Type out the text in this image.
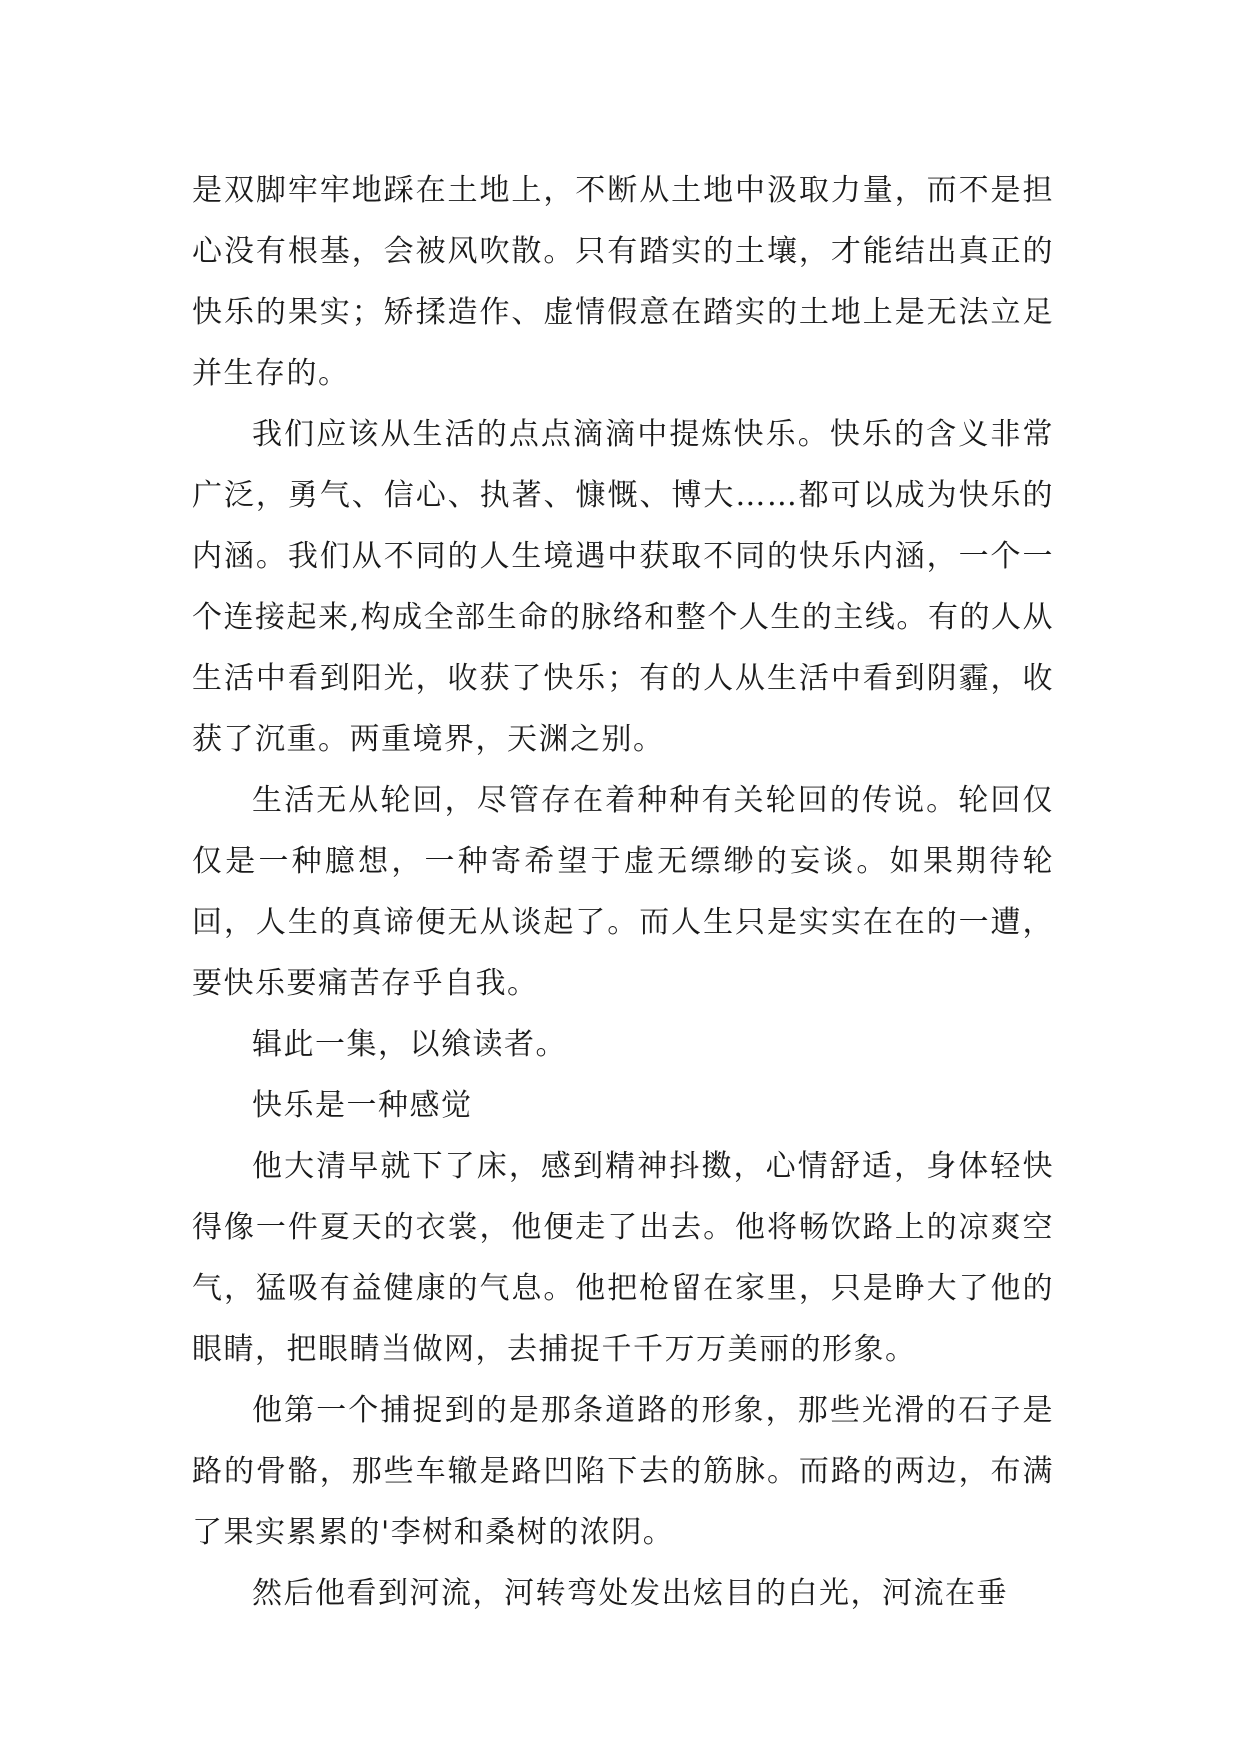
是双脚牢牢地踩在土地上，不断从土地中汲取力量，而不是担心没有根基，会被风吹散。只有踏实的土壤，才能结出真正的快乐的果实；矫揉造作、虚情假意在踏实的土地上是无法立足并生存的。

我们应该从生活的点点滴滴中提炼快乐。快乐的含义非常广泛，勇气、信心、执著、慷慨、博大……都可以成为快乐的内涵。我们从不同的人生境遇中获取不同的快乐内涵，一个一个连接起来,构成全部生命的脉络和整个人生的主线。有的人从生活中看到阳光，收获了快乐；有的人从生活中看到阴霾，收获了沉重。两重境界，天渊之别。

生活无从轮回，尽管存在着种种有关轮回的传说。轮回仅仅是一种臆想，一种寄希望于虚无缥缈的妄谈。如果期待轮回，人生的真谛便无从谈起了。而人生只是实实在在的一遭，要快乐要痛苦存乎自我。

辑此一集，以飨读者。

快乐是一种感觉

他大清早就下了床，感到精神抖擞，心情舒适，身体轻快得像一件夏天的衣裳，他便走了出去。他将畅饮路上的凉爽空气，猛吸有益健康的气息。他把枪留在家里，只是睁大了他的眼睛，把眼睛当做网，去捕捉千千万万美丽的形象。

他第一个捕捉到的是那条道路的形象，那些光滑的石子是路的骨骼，那些车辙是路凹陷下去的筋脉。而路的两边，布满了果实累累的'李树和桑树的浓阴。

然后他看到河流，河转弯处发出炫目的白光，河流在垂
